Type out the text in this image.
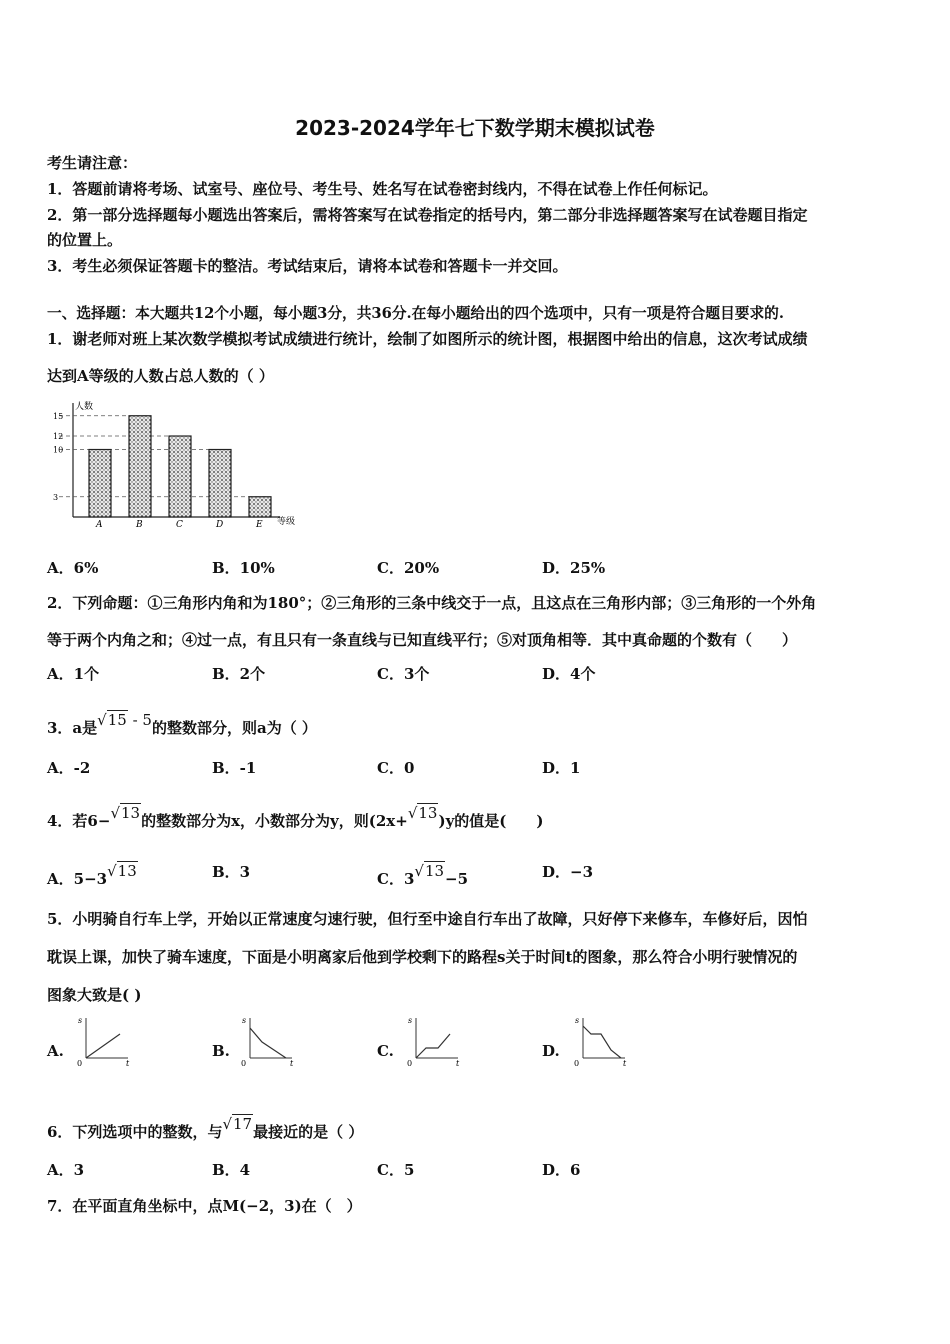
2023-2024学年七下数学期末模拟试卷
考生请注意：
1．答题前请将考场、试室号、座位号、考生号、姓名写在试卷密封线内，不得在试卷上作任何标记。
2．第一部分选择题每小题选出答案后，需将答案写在试卷指定的括号内，第二部分非选择题答案写在试卷题目指定
的位置上。
3．考生必须保证答题卡的整洁。考试结束后，请将本试卷和答题卡一并交回。
一、选择题：本大题共12个小题，每小题3分，共36分.在每小题给出的四个选项中，只有一项是符合题目要求的.
1．谢老师对班上某次数学模拟考试成绩进行统计，绘制了如图所示的统计图，根据图中给出的信息，这次考试成绩
达到A等级的人数占总人数的（ ）
人数
等级
15
12
10
3
A	B	C	D	E
A．6%	B．10%	C．20%	D．25%
2．下列命题：①三角形内角和为180°；②三角形的三条中线交于一点，且这点在三角形内部；③三角形的一个外角
等于两个内角之和；④过一点，有且只有一条直线与已知直线平行；⑤对顶角相等．其中真命题的个数有（　　）
A．1个	B．2个	C．3个	D．4个
3．a是√15 - 5的整数部分，则a为（ ）
A．-2	B．-1	C．0	D．1
4．若6−√13的整数部分为x，小数部分为y，则(2x+√13)y的值是(　　)
A．5−3√13	B．3	C．3√13−5	D．−3
5．小明骑自行车上学，开始以正常速度匀速行驶，但行至中途自行车出了故障，只好停下来修车，车修好后，因怕
耽误上课，加快了骑车速度，下面是小明离家后他到学校剩下的路程s关于时间t的图象，那么符合小明行驶情况的
图象大致是( )
A.
s
0	t
B.
s
0	t
C.
s
0	t
D.
s
0	t
6．下列选项中的整数，与√17最接近的是（ ）
A．3	B．4	C．5	D．6
7．在平面直角坐标中，点M(−2，3)在（　）
